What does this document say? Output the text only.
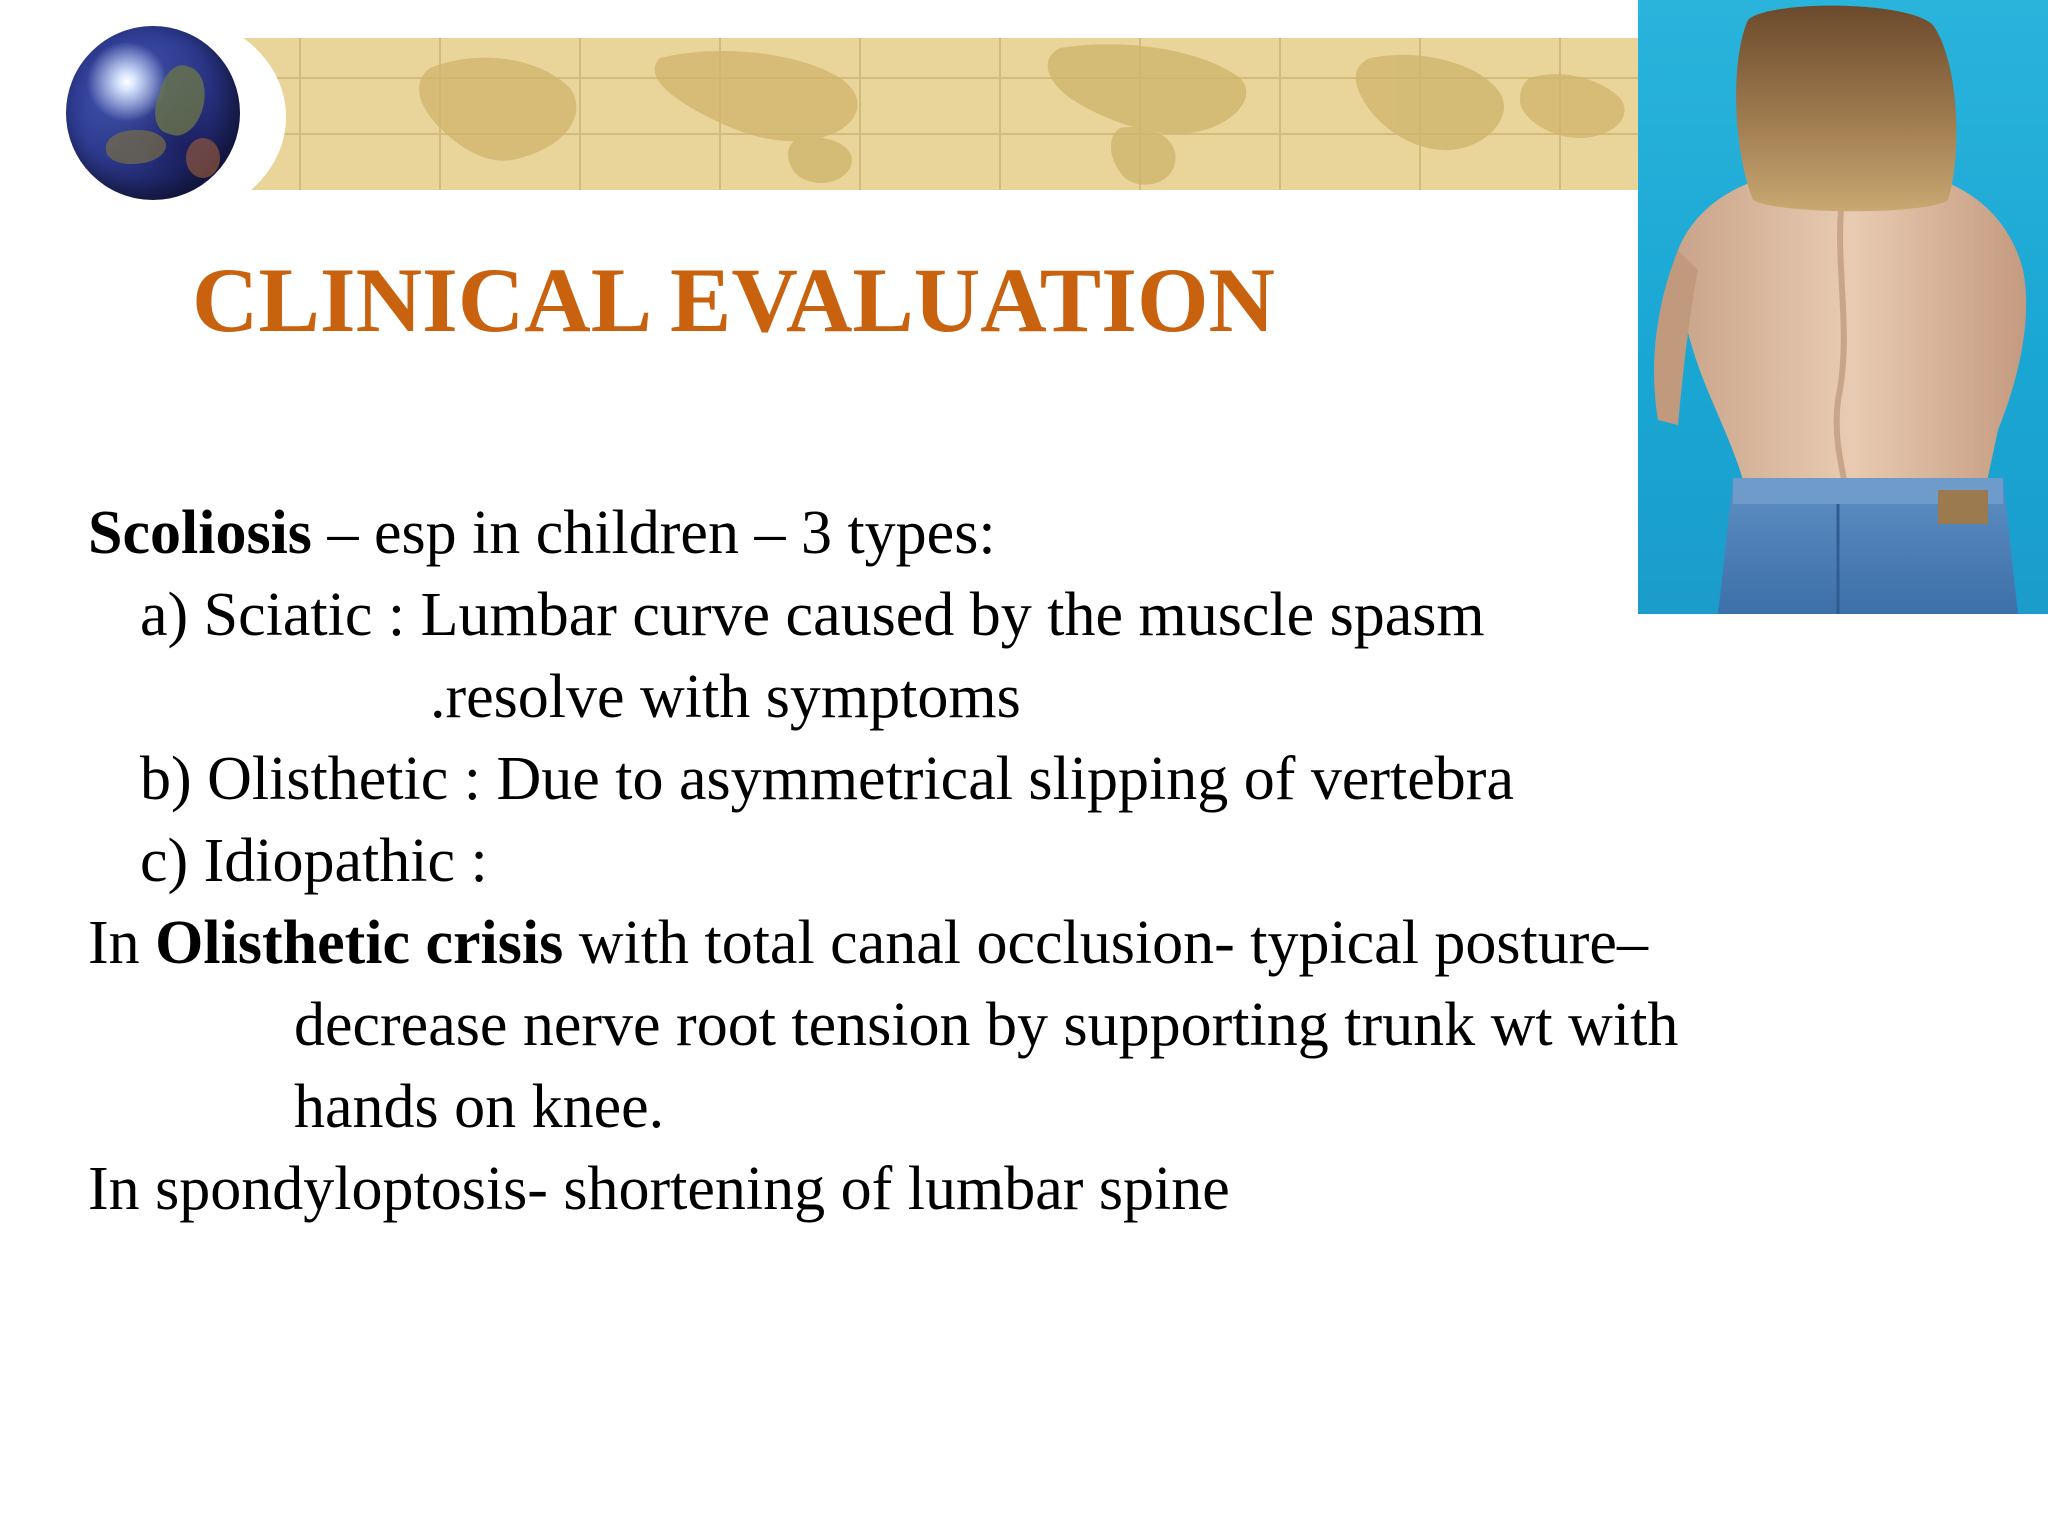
CLINICAL EVALUATION
Scoliosis – esp in children – 3 types:
a) Sciatic : Lumbar curve caused by the muscle spasm
.resolve with symptoms
b) Olisthetic : Due to asymmetrical slipping of vertebra
c) Idiopathic :
In Olisthetic crisis with total canal occlusion- typical posture–
decrease nerve root tension by supporting trunk wt with
hands on knee.
In spondyloptosis- shortening of lumbar spine
